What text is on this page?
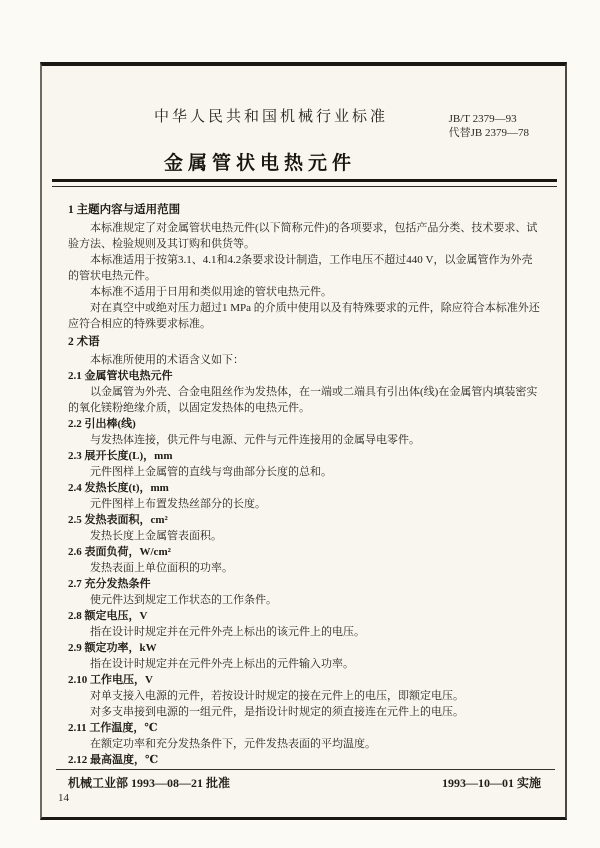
中华人民共和国机械行业标准	JB/T 2379—93
代替JB 2379—78
金属管状电热元件
1 主题内容与适用范围

本标准规定了对金属管状电热元件(以下简称元件)的各项要求，包括产品分类、技术要求、试验方法、检验规则及其订购和供货等。

本标准适用于按第3.1、4.1和4.2条要求设计制造，工作电压不超过440 V，以金属管作为外壳的管状电热元件。

本标准不适用于日用和类似用途的管状电热元件。

对在真空中或绝对压力超过1 MPa 的介质中使用以及有特殊要求的元件，除应符合本标准外还应符合相应的特殊要求标准。

2 术语

本标准所使用的术语含义如下：

2.1 金属管状电热元件

以金属管为外壳、合金电阻丝作为发热体，在一端或二端具有引出体(线)在金属管内填装密实的氧化镁粉绝缘介质，以固定发热体的电热元件。

2.2 引出棒(线)

与发热体连接，供元件与电源、元件与元件连接用的金属导电零件。

2.3 展开长度(L)，mm

元件图样上金属管的直线与弯曲部分长度的总和。

2.4 发热长度(t)，mm

元件图样上布置发热丝部分的长度。

2.5 发热表面积，cm²

发热长度上金属管表面积。

2.6 表面负荷，W/cm²

发热表面上单位面积的功率。

2.7 充分发热条件

使元件达到规定工作状态的工作条件。

2.8 额定电压，V

指在设计时规定并在元件外壳上标出的该元件上的电压。

2.9 额定功率，kW

指在设计时规定并在元件外壳上标出的元件输入功率。

2.10 工作电压，V

对单支接入电源的元件，若按设计时规定的接在元件上的电压，即额定电压。

对多支串接到电源的一组元件，是指设计时规定的须直接连在元件上的电压。

2.11 工作温度，℃

在额定功率和充分发热条件下，元件发热表面的平均温度。

2.12 最高温度，℃
机械工业部 1993—08—21 批准	1993—10—01 实施
14
